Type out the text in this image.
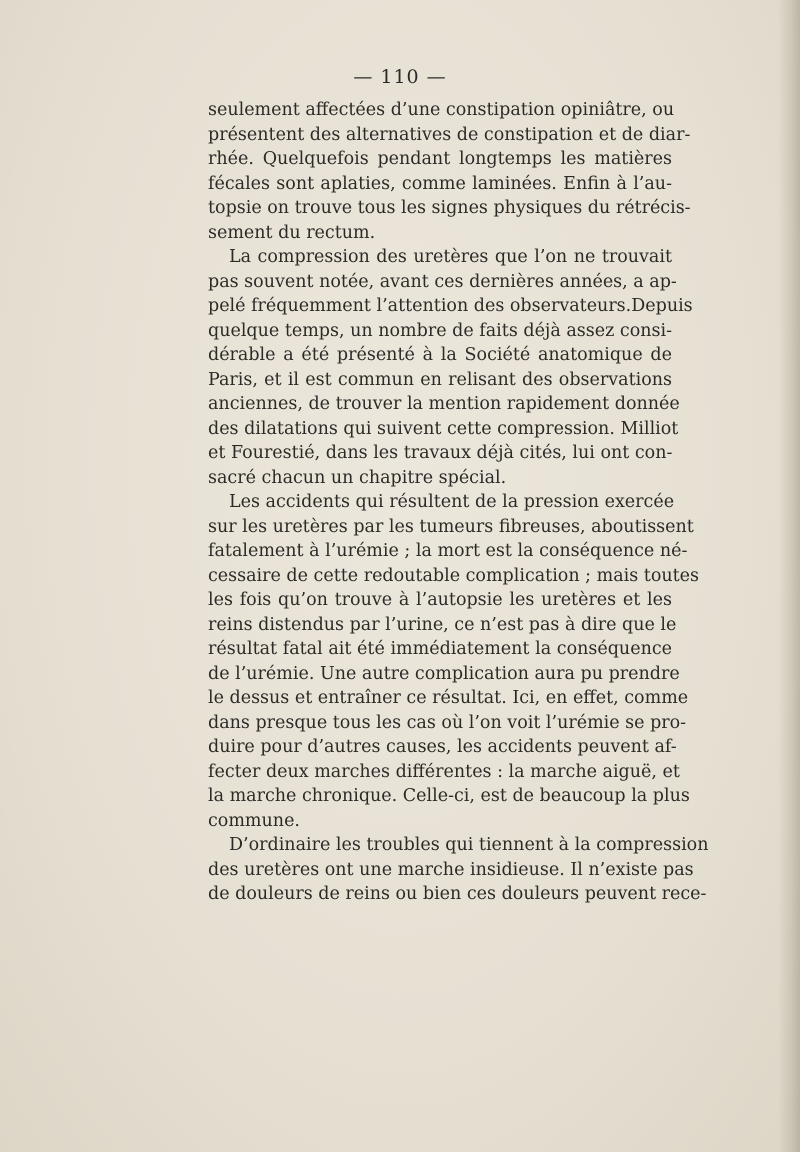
— 110 —
seulement affectées d’une constipation opiniâtre, ou
présentent des alternatives de constipation et de diar-
rhée. Quelquefois pendant longtemps les matières
fécales sont aplaties, comme laminées. Enfin à l’au-
topsie on trouve tous les signes physiques du rétrécis-
sement du rectum.
La compression des uretères que l’on ne trouvait
pas souvent notée, avant ces dernières années, a ap-
pelé fréquemment l’attention des observateurs.Depuis
quelque temps, un nombre de faits déjà assez consi-
dérable a été présenté à la Société anatomique de
Paris, et il est commun en relisant des observations
anciennes, de trouver la mention rapidement donnée
des dilatations qui suivent cette compression. Milliot
et Fourestié, dans les travaux déjà cités, lui ont con-
sacré chacun un chapitre spécial.
Les accidents qui résultent de la pression exercée
sur les uretères par les tumeurs fibreuses, aboutissent
fatalement à l’urémie ; la mort est la conséquence né-
cessaire de cette redoutable complication ; mais toutes
les fois qu’on trouve à l’autopsie les uretères et les
reins distendus par l’urine, ce n’est pas à dire que le
résultat fatal ait été immédiatement la conséquence
de l’urémie. Une autre complication aura pu prendre
le dessus et entraîner ce résultat. Ici, en effet, comme
dans presque tous les cas où l’on voit l’urémie se pro-
duire pour d’autres causes, les accidents peuvent af-
fecter deux marches différentes : la marche aiguë, et
la marche chronique. Celle-ci, est de beaucoup la plus
commune.
D’ordinaire les troubles qui tiennent à la compression
des uretères ont une marche insidieuse. Il n’existe pas
de douleurs de reins ou bien ces douleurs peuvent rece-
